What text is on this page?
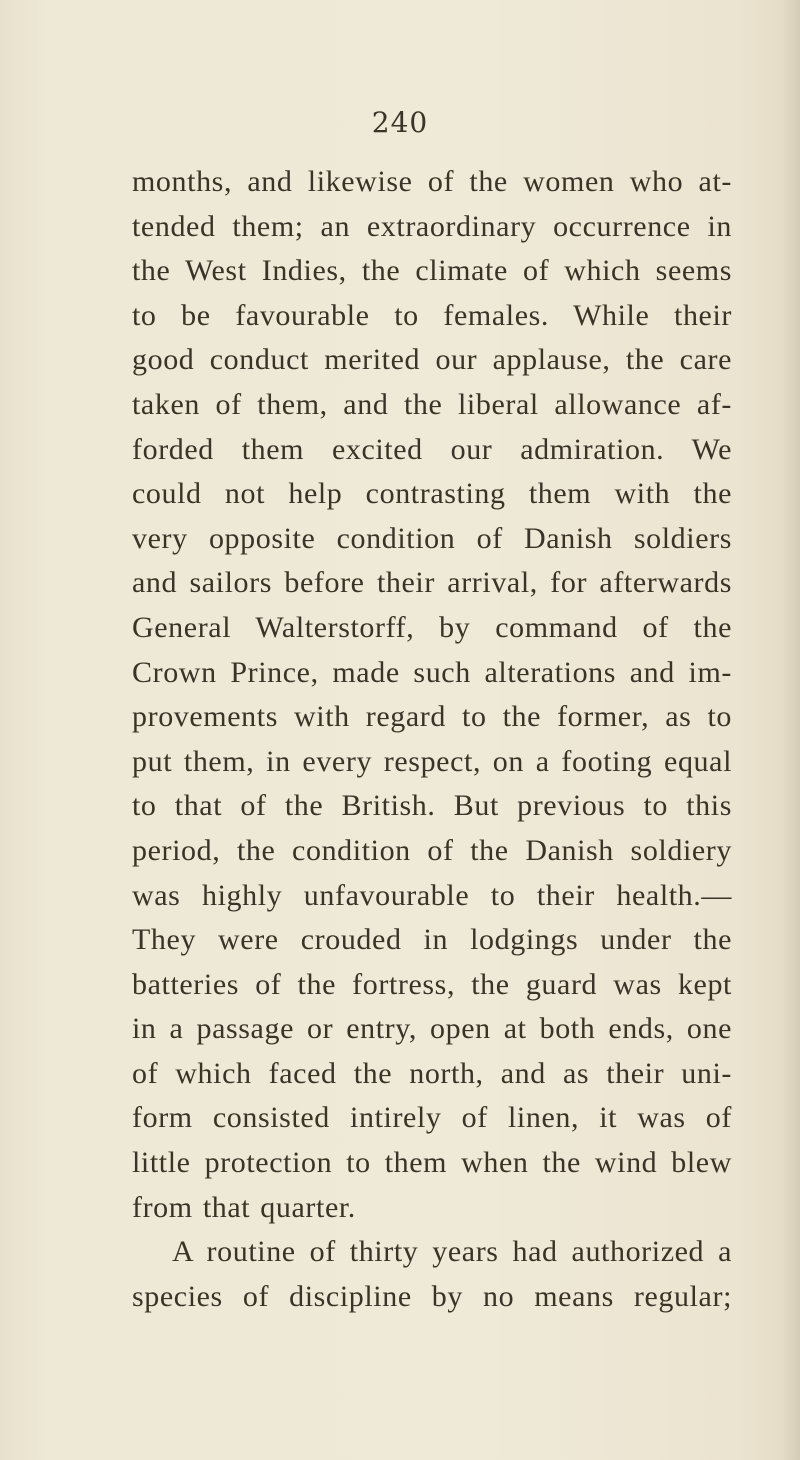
240
months, and likewise of the women who at-
tended them; an extraordinary occurrence in
the West Indies, the climate of which seems
to be favourable to females. While their
good conduct merited our applause, the care
taken of them, and the liberal allowance af-
forded them excited our admiration. We
could not help contrasting them with the
very opposite condition of Danish soldiers
and sailors before their arrival, for afterwards
General Walterstorff, by command of the
Crown Prince, made such alterations and im-
provements with regard to the former, as to
put them, in every respect, on a footing equal
to that of the British. But previous to this
period, the condition of the Danish soldiery
was highly unfavourable to their health.—
They were crouded in lodgings under the
batteries of the fortress, the guard was kept
in a passage or entry, open at both ends, one
of which faced the north, and as their uni-
form consisted intirely of linen, it was of
little protection to them when the wind blew
from that quarter.
A routine of thirty years had authorized a
species of discipline by no means regular;
